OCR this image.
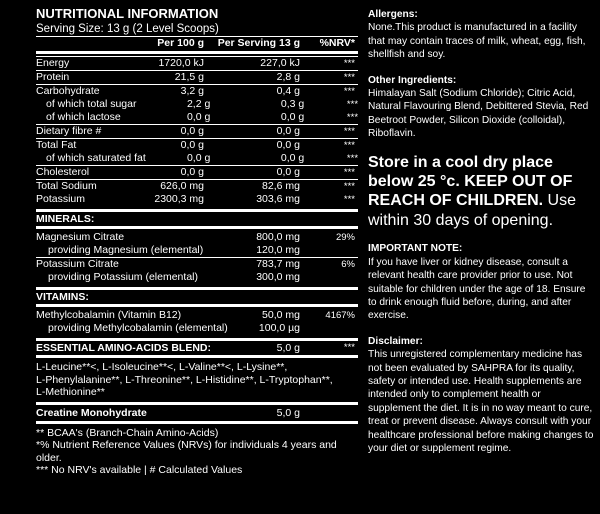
NUTRITIONAL INFORMATION
Serving Size: 13 g (2 Level Scoops)
Per 100 g	Per Serving 13 g	%NRV*
Energy	1720,0 kJ	227,0 kJ	***
Protein	21,5 g	2,8 g	***
Carbohydrate	3,2 g	0,4 g	***
of which total sugar	2,2 g	0,3 g	***
of which lactose	0,0 g	0,0 g	***
Dietary fibre #	0,0 g	0,0 g	***
Total Fat	0,0 g	0,0 g	***
of which saturated fat	0,0 g	0,0 g	***
Cholesterol	0,0 g	0,0 g	***
Total Sodium	626,0 mg	82,6 mg	***
Potassium	2300,3 mg	303,6 mg	***
MINERALS:
Magnesium Citrate	800,0 mg	29%
providing Magnesium (elemental)	120,0 mg
Potassium Citrate	783,7 mg	6%
providing Potassium (elemental)	300,0 mg
VITAMINS:
Methylcobalamin (Vitamin B12)	50,0 mg	4167%
providing Methylcobalamin (elemental)	100,0 µg
ESSENTIAL AMINO-ACIDS BLEND:	5,0 g	***
L-Leucine**<, L-Isoleucine**<, L-Valine**<, L-Lysine**,
L-Phenylalanine**, L-Threonine**, L-Histidine**, L-Tryptophan**,
L-Methionine**
Creatine Monohydrate	5,0 g
** BCAA's (Branch-Chain Amino-Acids)
*% Nutrient Reference Values (NRVs) for individuals 4 years and older.
*** No NRV's available | # Calculated Values
Allergens:
None.This product is manufactured in a facility that may contain traces of milk, wheat, egg, fish, shellfish and soy.
Other Ingredients:
Himalayan Salt (Sodium Chloride); Citric Acid, Natural Flavouring Blend, Debittered Stevia, Red Beetroot Powder, Silicon Dioxide (colloidal), Riboflavin.
Store in a cool dry place below 25 °c. KEEP OUT OF REACH OF CHILDREN. Use within 30 days of opening.
IMPORTANT NOTE:
If you have liver or kidney disease, consult a relevant health care provider prior to use. Not suitable for children under the age of 18. Ensure to drink enough fluid before, during, and after exercise.
Disclaimer:
This unregistered complementary medicine has not been evaluated by SAHPRA for its quality, safety or intended use. Health supplements are intended only to complement health or supplement the diet. It is in no way meant to cure, treat or prevent disease. Always consult with your healthcare professional before making changes to your diet or supplement regime.
